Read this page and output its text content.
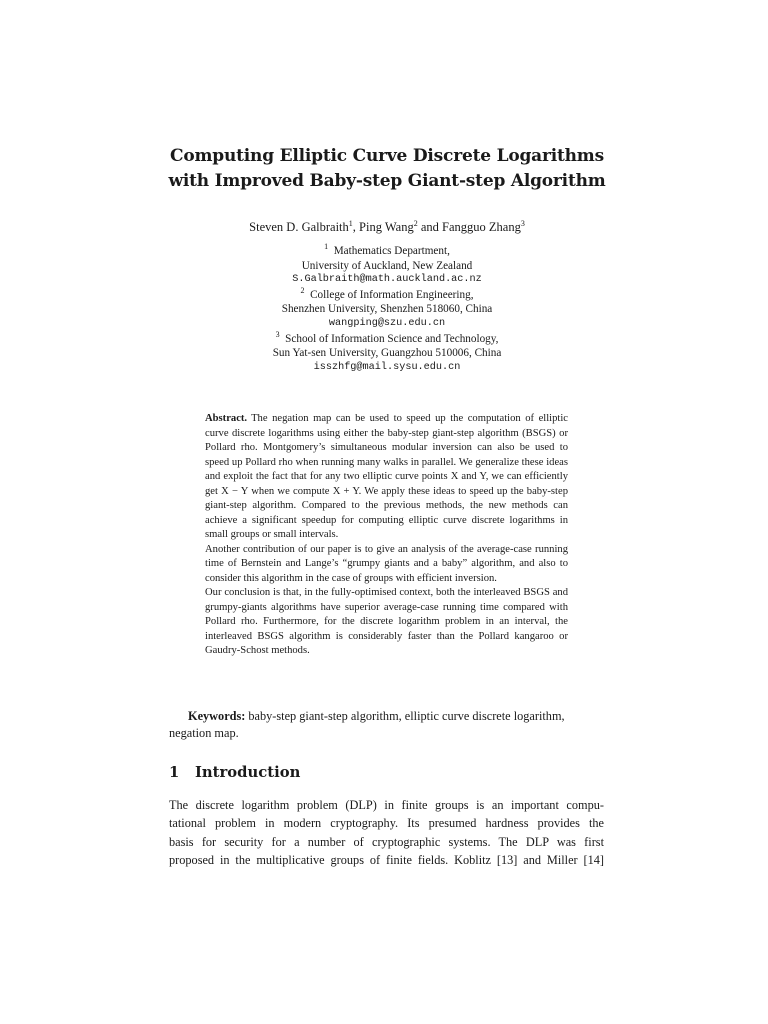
Computing Elliptic Curve Discrete Logarithms
with Improved Baby-step Giant-step Algorithm
Steven D. Galbraith$^1$, Ping Wang$^2$ and Fangguo Zhang$^3$
$^1$ Mathematics Department,
University of Auckland, New Zealand
S.Galbraith@math.auckland.ac.nz
$^2$ College of Information Engineering,
Shenzhen University, Shenzhen 518060, China
wangping@szu.edu.cn
$^3$ School of Information Science and Technology,
Sun Yat-sen University, Guangzhou 510006, China
isszhfg@mail.sysu.edu.cn

Abstract. The negation map can be used to speed up the computation of elliptic curve discrete logarithms using either the baby-step giant-step algorithm (BSGS) or Pollard rho. Montgomery’s simultaneous modular inversion can also be used to speed up Pollard rho when running many walks in parallel. We generalize these ideas and exploit the fact that for any two elliptic curve points X and Y, we can efficiently get X − Y when we compute X + Y. We apply these ideas to speed up the baby-step giant-step algorithm. Compared to the previous methods, the new methods can achieve a significant speedup for computing elliptic curve discrete logarithms in small groups or small intervals.

Another contribution of our paper is to give an analysis of the average-case running time of Bernstein and Lange’s “grumpy giants and a baby” algorithm, and also to consider this algorithm in the case of groups with efficient inversion.

Our conclusion is that, in the fully-optimised context, both the interleaved BSGS and grumpy-giants algorithms have superior average-case running time compared with Pollard rho. Furthermore, for the discrete logarithm problem in an interval, the interleaved BSGS algorithm is considerably faster than the Pollard kangaroo or Gaudry-Schost methods.

Keywords: baby-step giant-step algorithm, elliptic curve discrete logarithm, negation map.
1 Introduction
The discrete logarithm problem (DLP) in finite groups is an important compu-
tational problem in modern cryptography. Its presumed hardness provides the
basis for security for a number of cryptographic systems. The DLP was first
proposed in the multiplicative groups of finite fields. Koblitz [13] and Miller [14]
